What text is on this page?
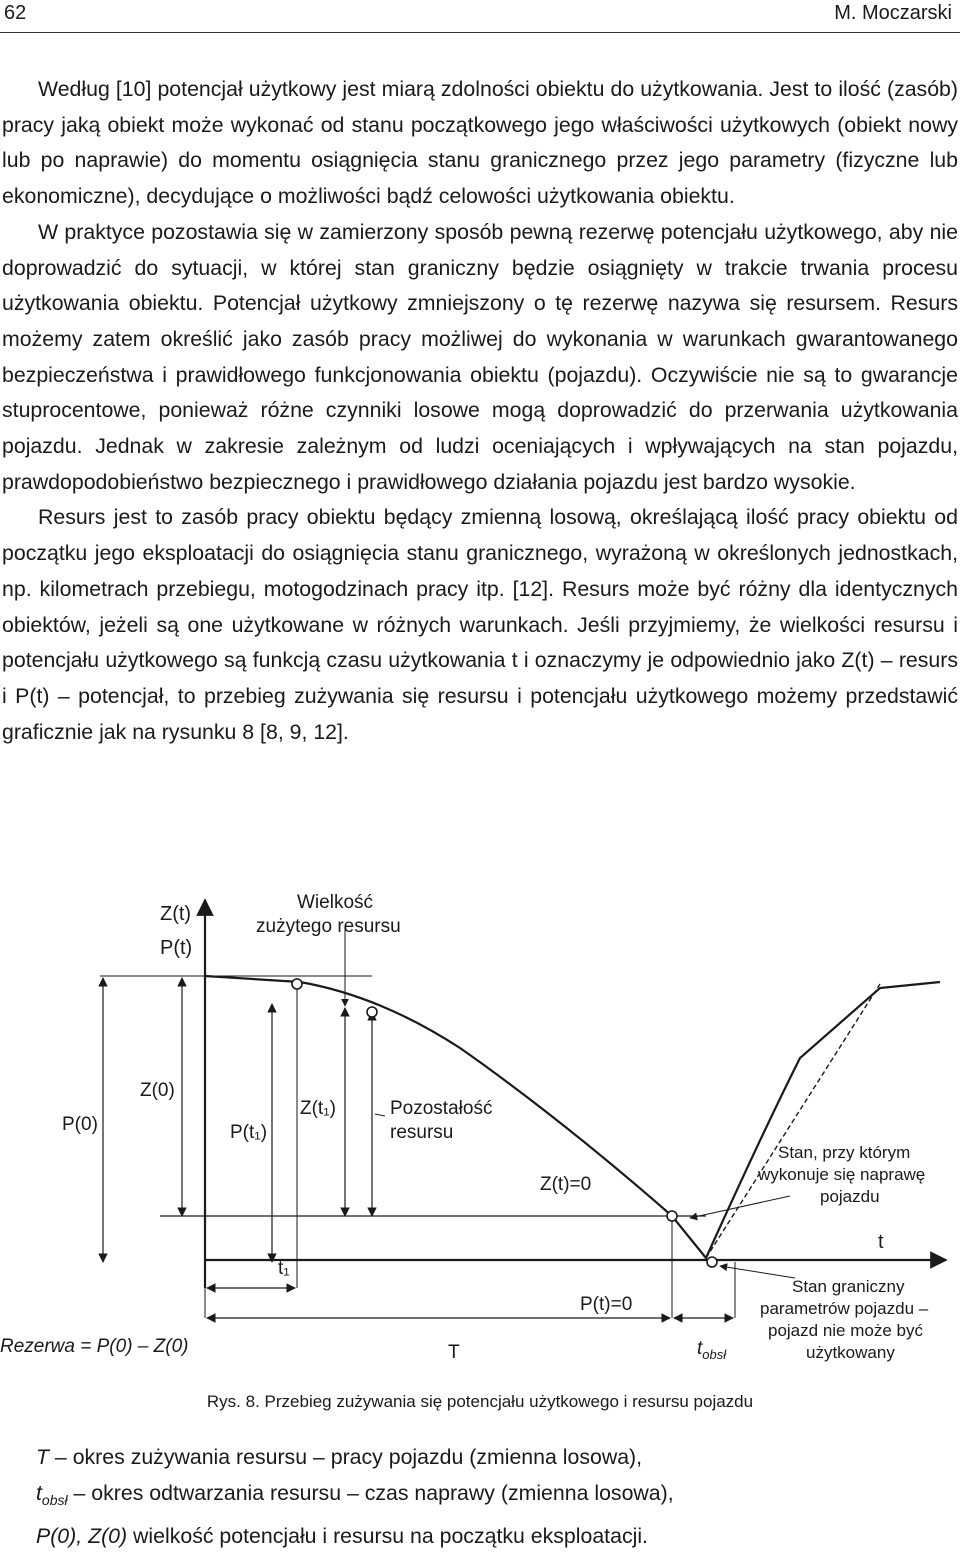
62	M. Moczarski

Według [10] potencjał użytkowy jest miarą zdolności obiektu do użytkowania. Jest to ilość (zasób) pracy jaką obiekt może wykonać od stanu początkowego jego właściwości użytkowych (obiekt nowy lub po naprawie) do momentu osiągnięcia stanu granicznego przez jego parametry (fizyczne lub ekonomiczne), decydujące o możliwości bądź celowości użytkowania obiektu.

W praktyce pozostawia się w zamierzony sposób pewną rezerwę potencjału użytkowego, aby nie doprowadzić do sytuacji, w której stan graniczny będzie osiągnięty w trakcie trwania procesu użytkowania obiektu. Potencjał użytkowy zmniejszony o tę rezerwę nazywa się resursem. Resurs możemy zatem określić jako zasób pracy możliwej do wykonania w warunkach gwarantowanego bezpieczeństwa i prawidłowego funkcjonowania obiektu (pojazdu). Oczywiście nie są to gwarancje stuprocentowe, ponieważ różne czynniki losowe mogą doprowadzić do przerwania użytkowania pojazdu. Jednak w zakresie zależnym od ludzi oceniających i wpływających na stan pojazdu, prawdopodobieństwo bezpiecznego i prawidłowego działania pojazdu jest bardzo wysokie.

Resurs jest to zasób pracy obiektu będący zmienną losową, określającą ilość pracy obiektu od początku jego eksploatacji do osiągnięcia stanu granicznego, wyrażoną w określonych jednostkach, np. kilometrach przebiegu, motogodzinach pracy itp. [12]. Resurs może być różny dla identycznych obiektów, jeżeli są one użytkowane w różnych warunkach. Jeśli przyjmiemy, że wielkości resursu i potencjału użytkowego są funkcją czasu użytkowania t i oznaczymy je odpowiednio jako Z(t) – resurs i P(t) – potencjał, to przebieg zużywania się resursu i potencjału użytkowego możemy przedstawić graficznie jak na rysunku 8 [8, 9, 12].

Z(t)
P(t)
t
Wielkość
zużytego resursu
P(0)
Z(0)
P(t₁)
Z(t₁)	Pozostałość
resursu
Z(t)=0
Stan, przy którym
wykonuje się naprawę
pojazdu
t₁
P(t)=0
Stan graniczny
parametrów pojazdu –
pojazd nie może być
użytkowany
Rezerwa = P(0) – Z(0)	T	$t_{obsł}$
Rys. 8. Przebieg zużywania się potencjału użytkowego i resursu pojazdu
T – okres zużywania resursu – pracy pojazdu (zmienna losowa),
$t_{obsł}$ – okres odtwarzania resursu – czas naprawy (zmienna losowa),
P(0), Z(0) wielkość potencjału i resursu na początku eksploatacji.
